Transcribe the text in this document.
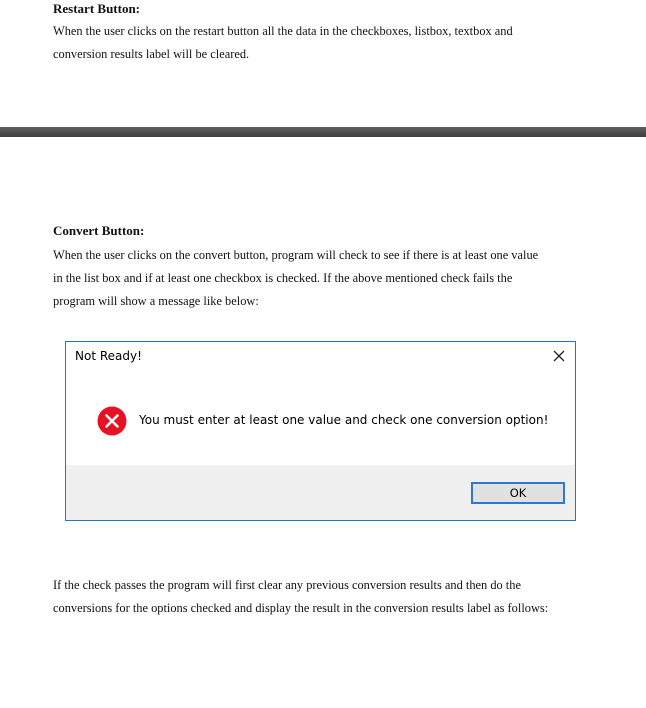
Restart Button:

When the user clicks on the restart button all the data in the checkboxes, listbox, textbox and

conversion results label will be cleared.

Convert Button:

When the user clicks on the convert button, program will check to see if there is at least one value

in the list box and if at least one checkbox is checked. If the above mentioned check fails the

program will show a message like below:

Not Ready!
You must enter at least one value and check one conversion option!
OK

If the check passes the program will first clear any previous conversion results and then do the

conversions for the options checked and display the result in the conversion results label as follows:
